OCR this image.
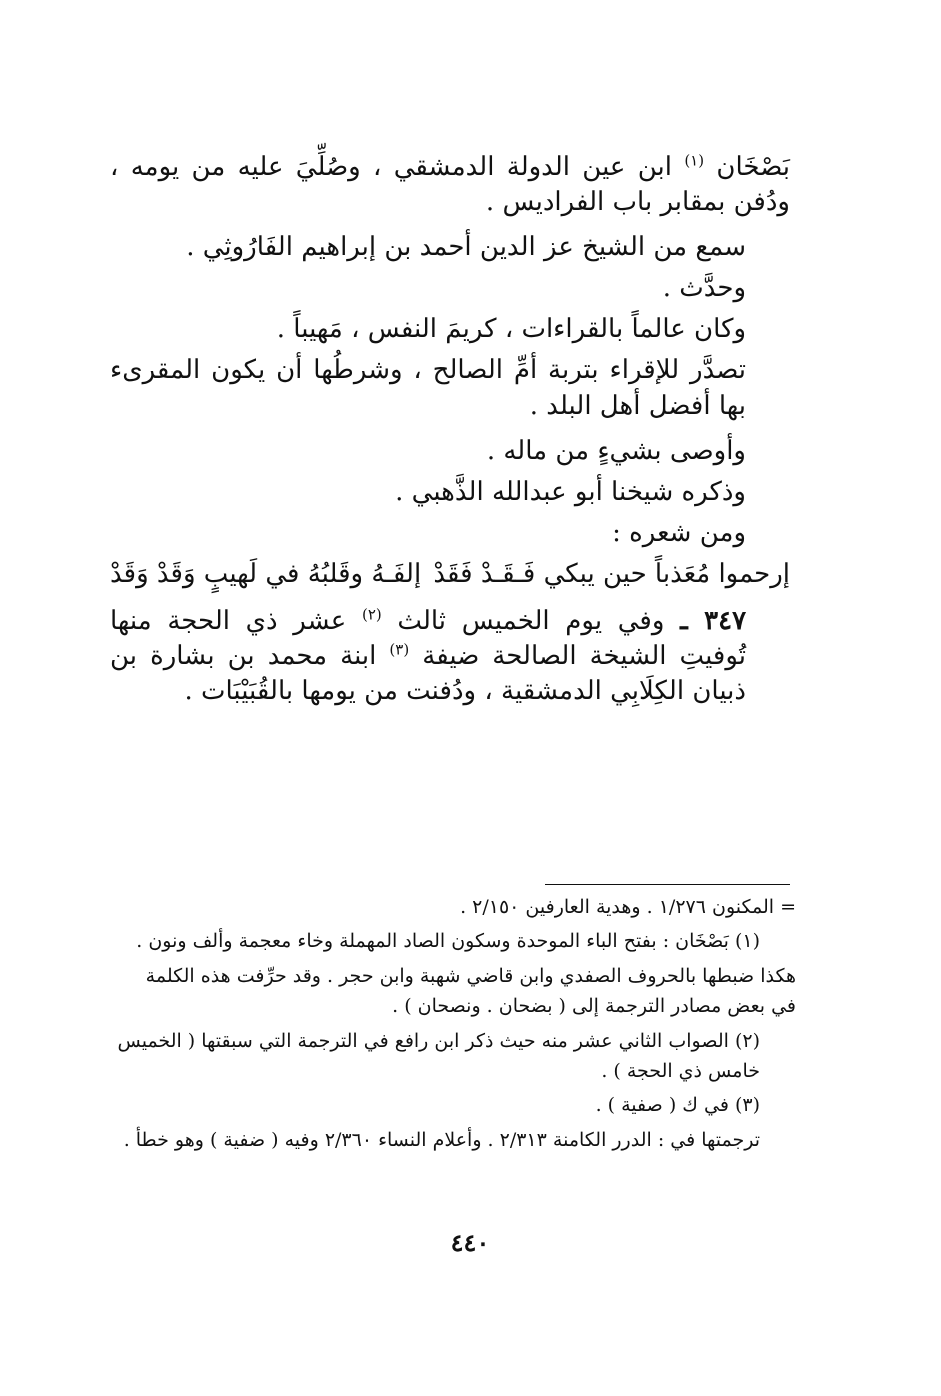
بَصْخَان $^{(١)}$ ابن عين الدولة الدمشقي ، وصُلِّيَ عليه من يومه ، ودُفن بمقابر باب الفراديس .

سمع من الشيخ عز الدين أحمد بن إبراهيم الفَارُوثِي .

وحدَّث .

وكان عالماً بالقراءات ، كريمَ النفس ، مَهيباً .

تصدَّر للإقراء بتربة أمِّ الصالح ، وشرطُها أن يكون المقرىء بها أفضل أهل البلد .

وأوصى بشيءٍ من ماله .

وذكره شيخنا أبو عبدالله الذَّهبي .

ومن شعره :

إرحموا مُعَذباً حين يبكي فَـقَـدْ فَقَدْ
إلفَـهُ وقَلبُهُ في لَهيبٍ وَقَدْ وَقَدْ

٣٤٧ ـ وفي يوم الخميس ثالث $^{(٢)}$ عشر ذي الحجة منها تُوفيتِ الشيخة الصالحة ضيفة $^{(٣)}$ ابنة محمد بن بشارة بن ذبيان الكِلَابِي الدمشقية ، ودُفنت من يومها بالقُبَيْبَات .

= المكنون ١/٢٧٦ . وهدية العارفين ٢/١٥٠ .

(١) بَصْخَان : بفتح الباء الموحدة وسكون الصاد المهملة وخاء معجمة وألف ونون .

هكذا ضبطها بالحروف الصفدي وابن قاضي شهبة وابن حجر . وقد حرِّفت هذه الكلمة في بعض مصادر الترجمة إلى ( بضحان . ونصحان ) .

(٢) الصواب الثاني عشر منه حيث ذكر ابن رافع في الترجمة التي سبقتها ( الخميس خامس ذي الحجة ) .

(٣) في ك ( صفية ) .

ترجمتها في : الدرر الكامنة ٢/٣١٣ . وأعلام النساء ٢/٣٦٠ وفيه ( ضفية ) وهو خطأ .

٤٤٠
